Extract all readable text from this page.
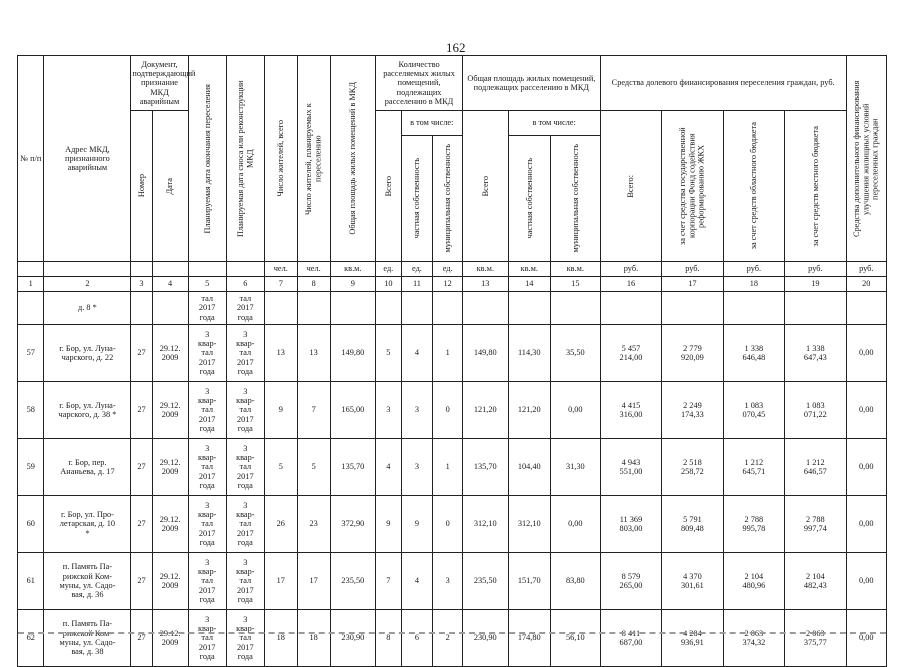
162
№ п/п	Адрес МКД, признанного аварийным	Документ, подтверждающий признание МКД аварийным		Планируемая дата окончания переселения	Планируемая дата сноса или реконструкции МКД	Число жителей, всего	Число жителей, планируемых к переселению	Общая площадь жилых помещений в МКД	Количество расселяемых жилых помещений, подлежащих расселению в МКД			Общая площадь жилых помещений, подлежащих расселению в МКД			Средства долевого финансирования переселения граждан, руб.				Средства дополнительного финансирования улучшения жилищных условий переселенных граждан

		Номер	Дата						Всего	в том числе:		Всего	в том числе:		Всего:	за счет средства государственной корпорации Фонд содействия реформированию ЖКХ	за счет средств областного бюджета	за счет средств местного бюджета	

										частная собственность	муниципальная собственность		частная собственность	муниципальная собственность					

						чел.	чел.	кв.м.	ед.	ед.	ед.	кв.м.	кв.м.	кв.м.	руб.	руб.	руб.	руб.	руб.
1	2	3	4	5	6	7	8	9	10	11	12	13	14	15	16	17	18	19	20
	д. 8 *			тал
2017
года	тал
2017
года														

57	г. Бор, ул. Луна-
чарского, д. 22	27	29.12.
2009	3
квар-
тал
2017
года	3
квар-
тал
2017
года	13	13	149,80	5	4	1	149,80	114,30	35,50	5 457
214,00	2 779
920,09	1 338
646,48	1 338
647,43	0,00
58	г. Бор, ул. Луна-
чарского, д. 38 *	27	29.12.
2009	3
квар-
тал
2017
года	3
квар-
тал
2017
года	9	7	165,00	3	3	0	121,20	121,20	0,00	4 415
316,00	2 249
174,33	1 083
070,45	1 083
071,22	0,00
59	г. Бор, пер.
Ананьева, д. 17	27	29.12.
2009	3
квар-
тал
2017
года	3
квар-
тал
2017
года	5	5	135,70	4	3	1	135,70	104,40	31,30	4 943
551,00	2 518
258,72	1 212
645,71	1 212
646,57	0,00
60	г. Бор, ул. Про-
летарская, д. 10
*	27	29.12.
2009	3
квар-
тал
2017
года	3
квар-
тал
2017
года	26	23	372,90	9	9	0	312,10	312,10	0,00	11 369
803,00	5 791
809,48	2 788
995,78	2 788
997,74	0,00
61	п. Память Па-
рижской Ком-
муны, ул. Садо-
вая, д. 36	27	29.12.
2009	3
квар-
тал
2017
года	3
квар-
тал
2017
года	17	17	235,50	7	4	3	235,50	151,70	83,80	8 579
265,00	4 370
301,61	2 104
480,96	2 104
482,43	0,00
62	п. Память Па-
рижской Ком-
муны, ул. Садо-
вая, д. 38	27	29.12.
2009	3
квар-
тал
2017
года	3
квар-
тал
2017
года	18	18	230,90	8	6	2	230,90	174,80	56,10	8 411
687,00	4 284
936,91	2 063
374,32	2 063
375,77	0,00
